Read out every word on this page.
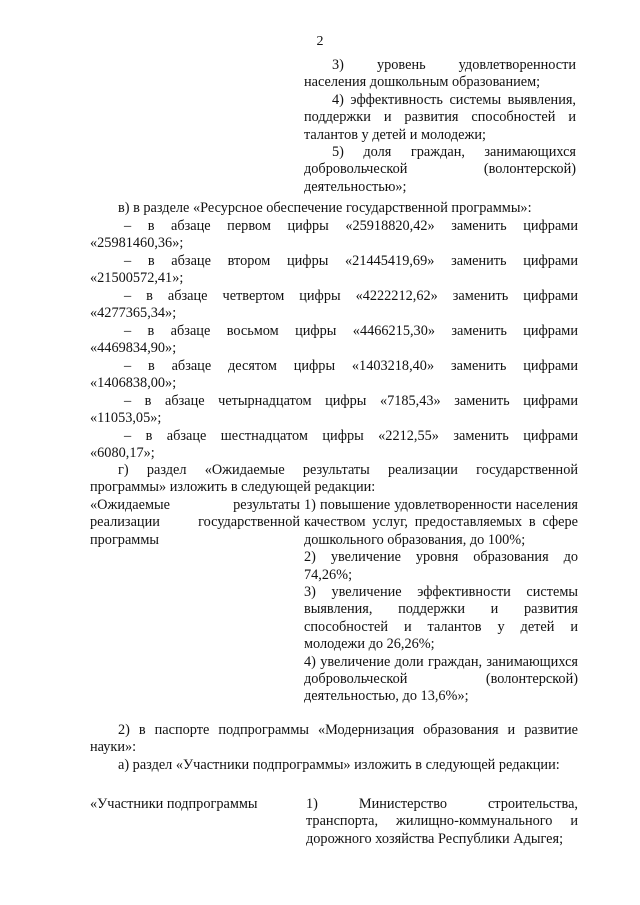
2

3) уровень удовлетворенности населения дошкольным образованием;

4) эффективность системы выявления, поддержки и развития способностей и талантов у детей и молодежи;

5) доля граждан, занимающихся добровольческой (волонтерской) деятельностью»;

в) в разделе «Ресурсное обеспечение государственной программы»:

– в абзаце первом цифры «25918820,42» заменить цифрами
«25981460,36»;
– в абзаце втором цифры «21445419,69» заменить цифрами
«21500572,41»;
– в абзаце четвертом цифры «4222212,62» заменить цифрами
«4277365,34»;
– в абзаце восьмом цифры «4466215,30» заменить цифрами
«4469834,90»;
– в абзаце десятом цифры «1403218,40» заменить цифрами
«1406838,00»;
– в абзаце четырнадцатом цифры «7185,43» заменить цифрами
«11053,05»;
– в абзаце шестнадцатом цифры «2212,55» заменить цифрами
«6080,17»;

г) раздел «Ожидаемые результаты реализации государственной программы» изложить в следующей редакции:

«Ожидаемые результаты реализации государственной программы

1) повышение удовлетворенности населения качеством услуг, предоставляемых в сфере дошкольного образования, до 100%;

2) увеличение уровня образования до 74,26%;

3) увеличение эффективности системы выявления, поддержки и развития способностей и талантов у детей и молодежи до 26,26%;

4) увеличение доли граждан, занимающихся добровольческой (волонтерской) деятельностью, до 13,6%»;

2) в паспорте подпрограммы «Модернизация образования и развитие науки»:

а) раздел «Участники подпрограммы» изложить в следующей редакции:

«Участники подпрограммы	1) Министерство строительства, транспорта, жилищно-коммунального и дорожного хозяйства Республики Адыгея;
